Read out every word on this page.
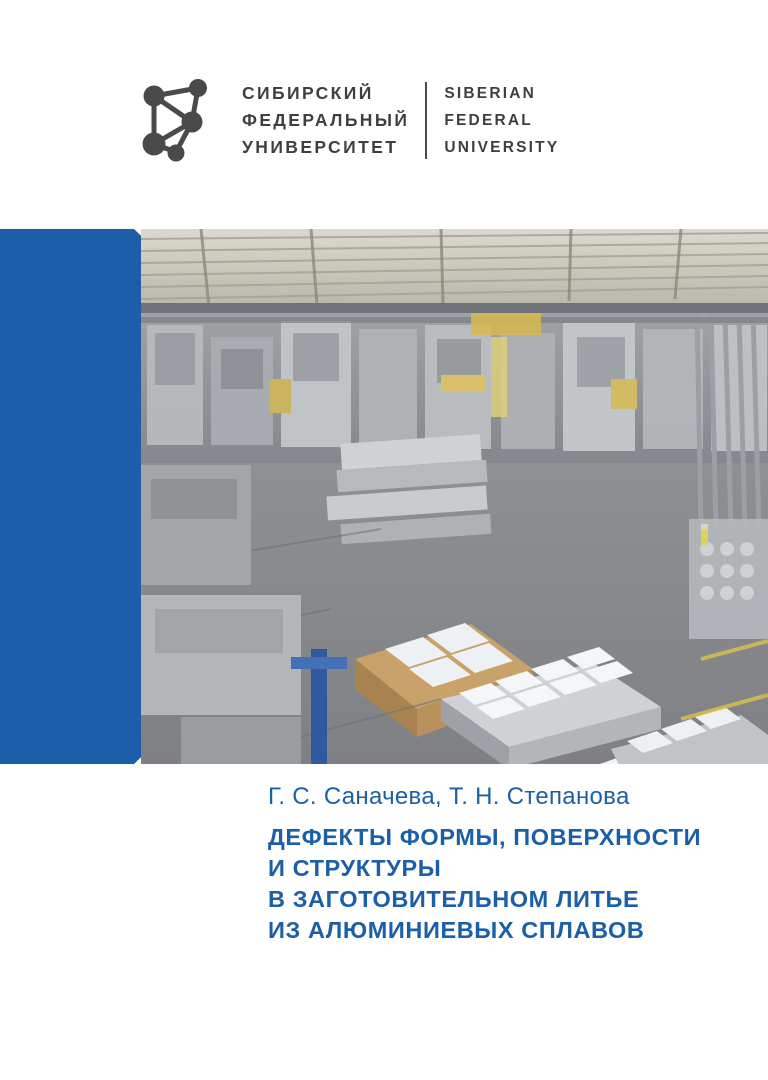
СИБИРСКИЙ
ФЕДЕРАЛЬНЫЙ
УНИВЕРСИТЕТ
SIBERIAN
FEDERAL
UNIVERSITY
Г. С. Саначева, Т. Н. Степанова
ДЕФЕКТЫ ФОРМЫ, ПОВЕРХНОСТИ
И СТРУКТУРЫ
В ЗАГОТОВИТЕЛЬНОМ ЛИТЬЕ
ИЗ АЛЮМИНИЕВЫХ СПЛАВОВ
